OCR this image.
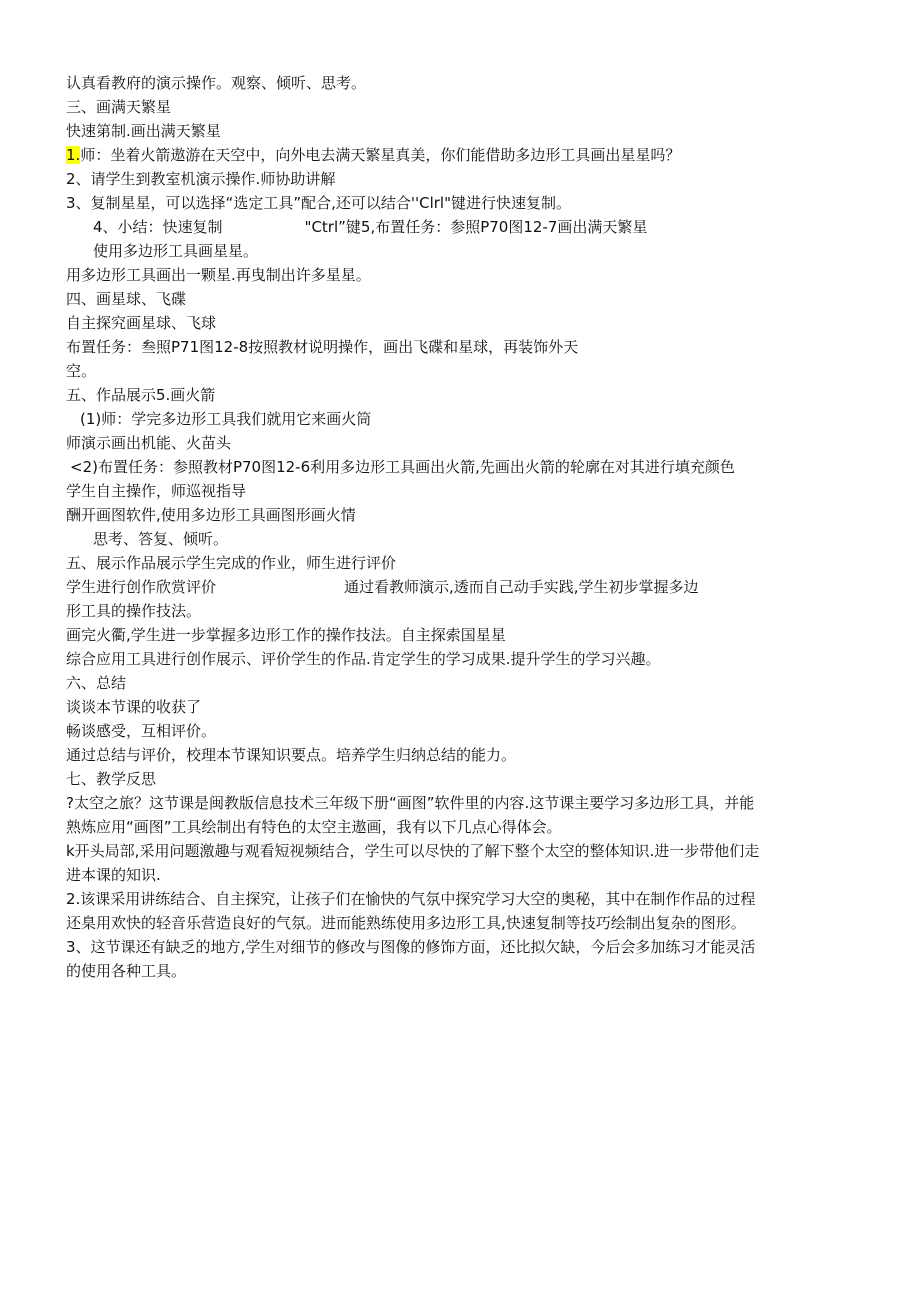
认真看教府的演示操作。观察、倾听、思考。
三、画满天繁星
快速第制.画出满天繁星
1.师：坐着火箭遨游在天空中，向外电去满天繁星真美，你们能借助多边形工具画出星星吗？
2、请学生到教室机演示操作.师协助讲解
3、复制星星，可以选择“选定工具”配合,还可以结合''Clrl"键进行快速复制。
4、小结：快速复制	"Ctrl”键5,布置任务：参照P70图12-7画出满天繁星
使用多边形工具画星星。
用多边形工具画出一颗星.再曳制出许多星星。
四、画星球、飞碟
自主探究画星球、飞球
布置任务：叁照P71图12-8按照教材说明操作，画出飞碟和星球，再装饰外天
空。
五、作品展示5.画火箭
(1)师：学完多边形工具我们就用它来画火筒
师演示画出机能、火苗头
<2)布置任务：参照教材P70图12-6利用多边形工具画出火箭,先画出火箭的轮廓在对其进行填充颜色
学生自主操作，师巡视指导
酬开画图软件,使用多边形工具画图形画火情
思考、答复、倾听。
五、展示作品展示学生完成的作业，师生进行评价
学生进行创作欣赏评价	通过看教师演示,透而自己动手实践,学生初步掌握多边
形工具的操作技法。
画完火衢,学生进一步掌握多边形工作的操作技法。自主探索国星星
综合应用工具进行创作展示、评价学生的作品.肯定学生的学习成果.提升学生的学习兴趣。
六、总结
谈谈本节课的收获了
畅谈感受，互相评价。
通过总结与评价，校理本节课知识要点。培养学生归纳总结的能力。
七、教学反思
?太空之旅？这节课是闽教版信息技术三年级下册“画图”软件里的内容.这节课主要学习多边形工具，并能
熟炼应用“画图”工具绘制出有特色的太空主遨画，我有以下几点心得体会。
k开头局部,采用问题激趣与观看短视频结合，学生可以尽快的了解下整个太空的整体知识.进一步带他们走
进本课的知识.
2.该课采用讲练结合、自主探究，让孩子们在愉快的气氛中探究学习大空的奥秘，其中在制作作品的过程
还臬用欢快的轻音乐营造良好的气氛。进而能熟练使用多边形工具,快速复制等技巧绘制出复杂的图形。
3、这节课还有缺乏的地方,学生对细节的修改与图像的修饰方面，还比拟欠缺，今后会多加练习才能灵活
的使用各种工具。
